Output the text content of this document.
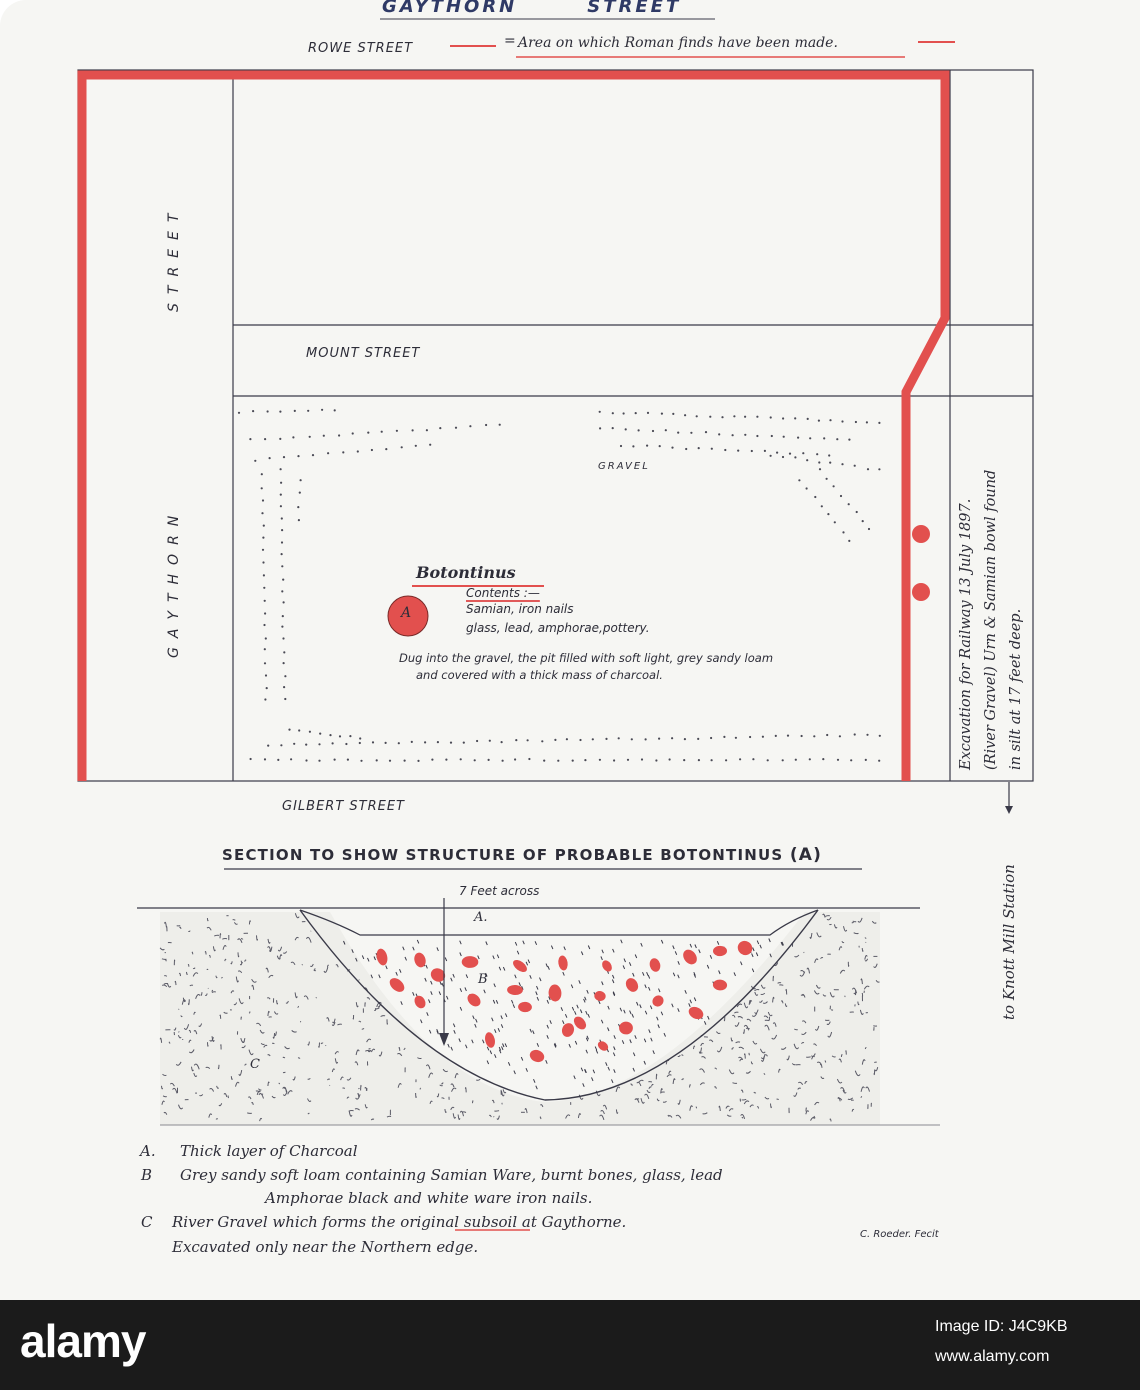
GAYTHORN	STREET
ROWE STREET	= Area on which Roman finds have been made.
STREET
GAYTHORN
MOUNT STREET
GILBERT STREET
GRAVEL
A
Botontinus
Contents :—
Samian, iron nails
glass, lead, amphorae,pottery.
Dug into the gravel, the pit filled with soft light, grey sandy loam
and covered with a thick mass of charcoal.	Excavation for Railway 13 July 1897. (River Gravel) Urn & Samian bowl found in silt at 17 feet deep.
to Knott Mill Station
SECTION TO SHOW STRUCTURE OF PROBABLE BOTONTINUS (A)
7 Feet across
A.
B
C
A. Thick layer of Charcoal
B Grey sandy soft loam containing Samian Ware, burnt bones, glass, lead
Amphorae black and white ware iron nails.
C River Gravel which forms the original subsoil at Gaythorne.
Excavated only near the Northern edge.
C. Roeder. Fecit
alamy	Image ID: J4C9KB
www.alamy.com
